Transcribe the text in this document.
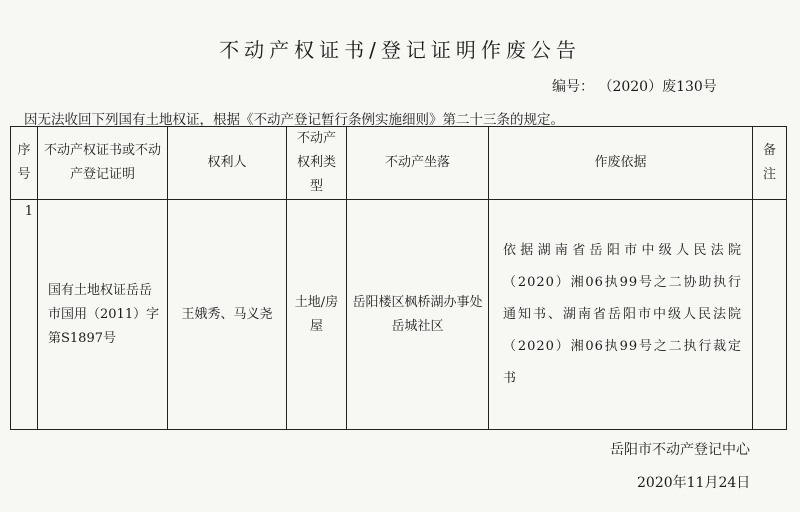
不动产权证书/登记证明作废公告
编号： （2020）废130号
因无法收回下列国有土地权证，根据《不动产登记暂行条例实施细则》第二十三条的规定。
序号	不动产权证书或不动产登记证明	权利人	不动产权利类型	不动产坐落	作废依据	备注

1	国有土地权证岳岳市国用（2011）字第S1897号	王娥秀、马义尧	土地/房屋	岳阳楼区枫桥湖办事处岳城社区	依据湖南省岳阳市中级人民法院（2020）湘06执99号之二协助执行通知书、湖南省岳阳市中级人民法院（2020）湘06执99号之二执行裁定书	
岳阳市不动产登记中心
2020年11月24日
